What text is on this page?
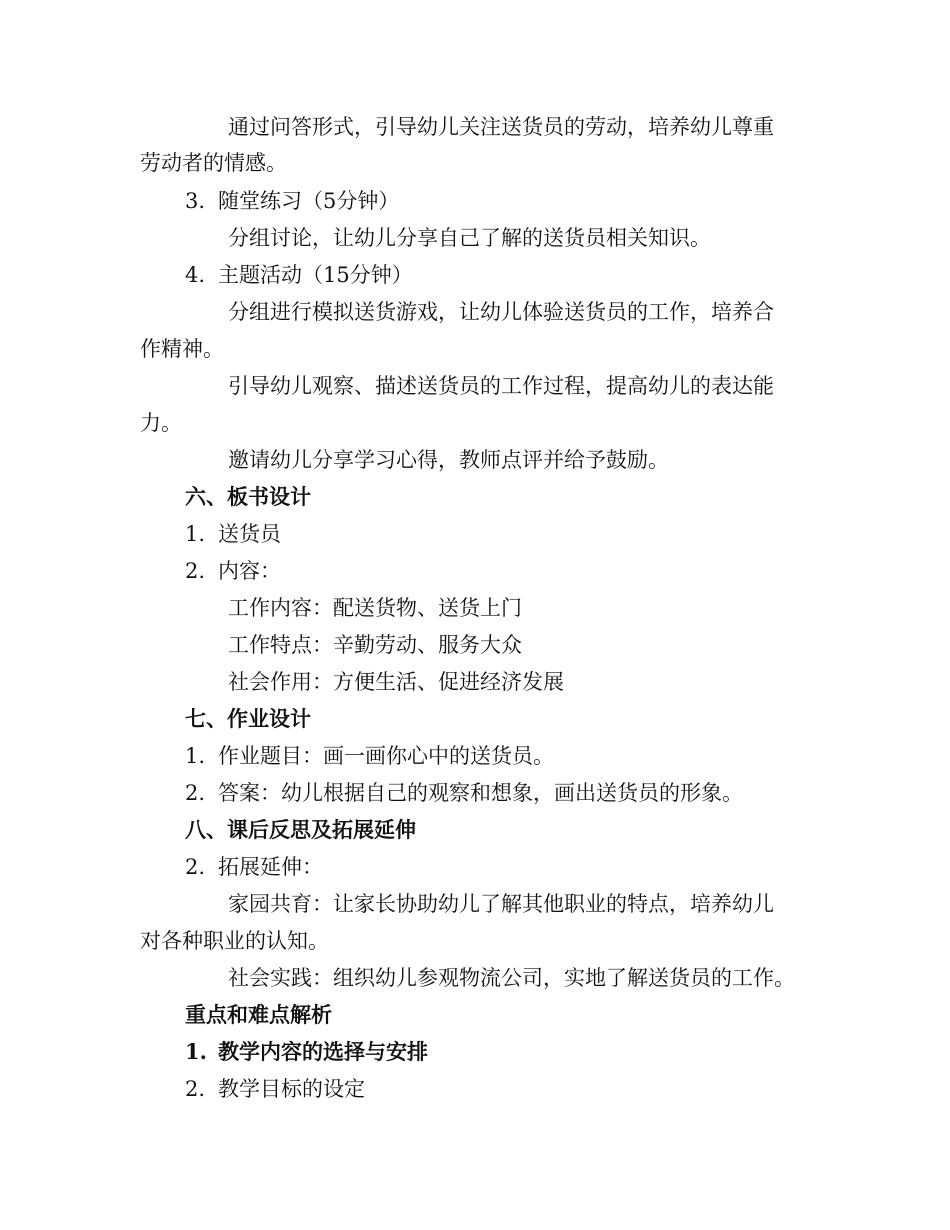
通过问答形式，引导幼儿关注送货员的劳动，培养幼儿尊重
劳动者的情感。
3. 随堂练习（5分钟）
分组讨论，让幼儿分享自己了解的送货员相关知识。
4. 主题活动（15分钟）
分组进行模拟送货游戏，让幼儿体验送货员的工作，培养合
作精神。
引导幼儿观察、描述送货员的工作过程，提高幼儿的表达能
力。
邀请幼儿分享学习心得，教师点评并给予鼓励。
六、板书设计
1. 送货员
2. 内容：
工作内容：配送货物、送货上门
工作特点：辛勤劳动、服务大众
社会作用：方便生活、促进经济发展
七、作业设计
1. 作业题目：画一画你心中的送货员。
2. 答案：幼儿根据自己的观察和想象，画出送货员的形象。
八、课后反思及拓展延伸
2. 拓展延伸：
家园共育：让家长协助幼儿了解其他职业的特点，培养幼儿
对各种职业的认知。
社会实践：组织幼儿参观物流公司，实地了解送货员的工作。
重点和难点解析
1. 教学内容的选择与安排
2. 教学目标的设定
